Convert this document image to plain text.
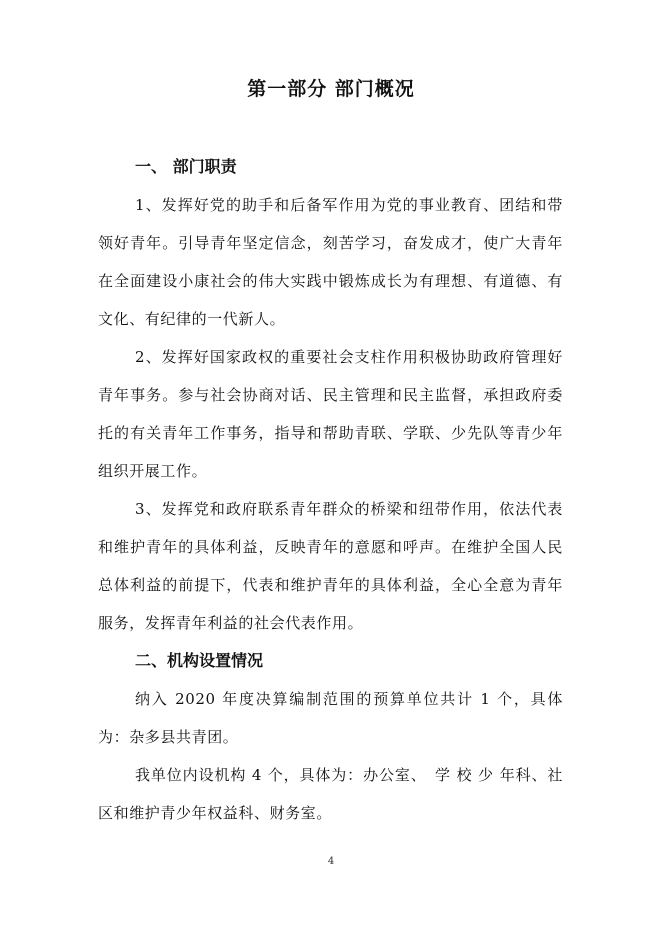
第一部分 部门概况
一、 部门职责

1、发挥好党的助手和后备军作用为党的事业教育、团结和带领好青年。引导青年坚定信念，刻苦学习，奋发成才，使广大青年在全面建设小康社会的伟大实践中锻炼成长为有理想、有道德、有文化、有纪律的一代新人。

2、发挥好国家政权的重要社会支柱作用积极协助政府管理好青年事务。参与社会协商对话、民主管理和民主监督，承担政府委托的有关青年工作事务，指导和帮助青联、学联、少先队等青少年组织开展工作。

3、发挥党和政府联系青年群众的桥梁和纽带作用，依法代表和维护青年的具体利益，反映青年的意愿和呼声。在维护全国人民总体利益的前提下，代表和维护青年的具体利益，全心全意为青年服务，发挥青年利益的社会代表作用。

二、机构设置情况

纳入 2020 年度决算编制范围的预算单位共计 1 个，具体为：杂多县共青团。

我单位内设机构 4 个，具体为：办公室、　学 校 少 年科、社区和维护青少年权益科、财务室。

4
